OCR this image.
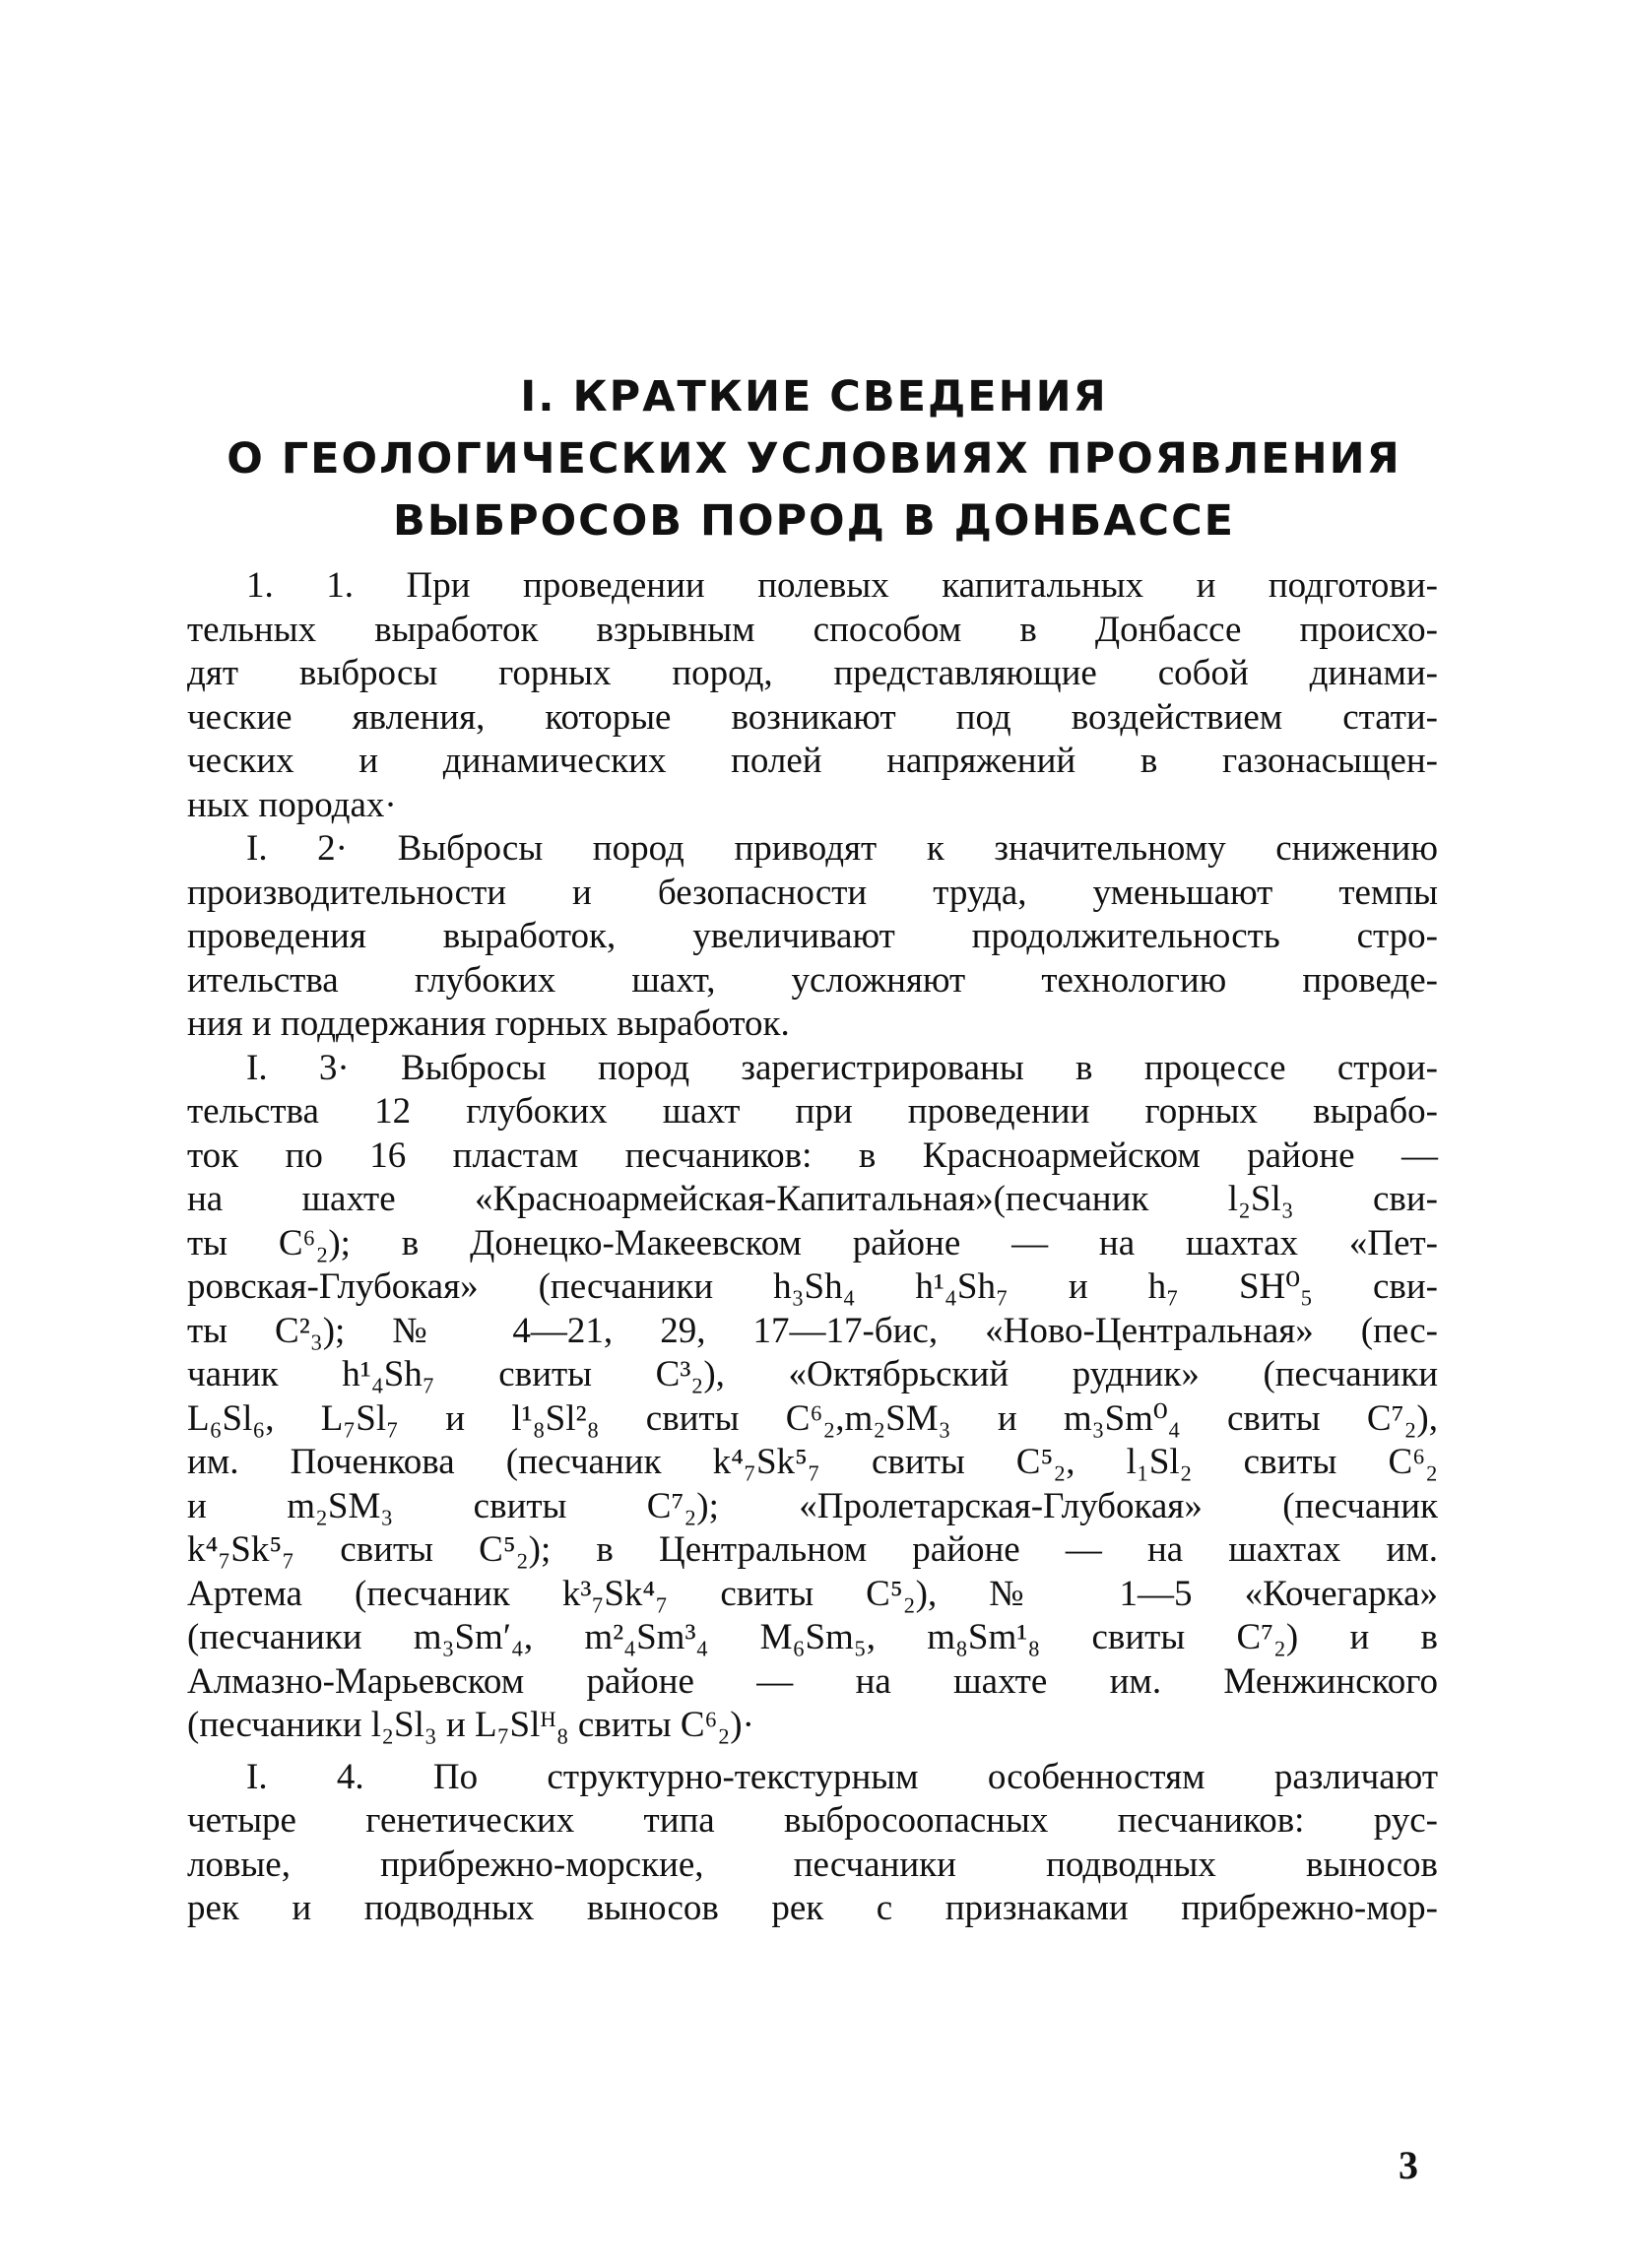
I. КРАТКИЕ СВЕДЕНИЯ
О ГЕОЛОГИЧЕСКИХ УСЛОВИЯХ ПРОЯВЛЕНИЯ
ВЫБРОСОВ ПОРОД В ДОНБАССЕ
1. 1. При проведении полевых капитальных и подготови-
тельных выработок взрывным способом в Донбассе происхо-
дят выбросы горных пород, представляющие собой динами-
ческие явления, которые возникают под воздействием стати-
ческих и динамических полей напряжений в газонасыщен-
ных породах·
I. 2· Выбросы пород приводят к значительному снижению
производительности и безопасности труда, уменьшают темпы
проведения выработок, увеличивают продолжительность стро-
ительства глубоких шахт, усложняют технологию проведе-
ния и поддержания горных выработок.
I. 3· Выбросы пород зарегистрированы в процессе строи-
тельства 12 глубоких шахт при проведении горных вырабо-
ток по 16 пластам песчаников: в Красноармейском районе —
на шахте «Красноармейская-Капитальная»(песчаник l₂Sl₃ сви-
ты C⁶₂); в Донецко-Макеевском районе — на шахтах «Пет-
ровская-Глубокая» (песчаники h₃Sh₄ h¹₄Sh₇ и h₇ SH⁰₅ сви-
ты C²₃); № 4—21, 29, 17—17-бис, «Ново-Центральная» (пес-
чаник h¹₄Sh₇ свиты C³₂), «Октябрьский рудник» (песчаники
L₆Sl₆, L₇Sl₇ и l¹₈Sl²₈ свиты C⁶₂,m₂SM₃ и m₃Sm⁰₄ свиты C⁷₂),
им. Поченкова (песчаник k⁴₇Sk⁵₇ свиты C⁵₂, l₁Sl₂ свиты C⁶₂
и m₂SM₃ свиты C⁷₂); «Пролетарская-Глубокая» (песчаник
k⁴₇Sk⁵₇ свиты C⁵₂); в Центральном районе — на шахтах им.
Артема (песчаник k³₇Sk⁴₇ свиты C⁵₂), № 1—5 «Кочегарка»
(песчаники m₃Sm′₄, m²₄Sm³₄ M₆Sm₅, m₈Sm¹₈ свиты C⁷₂) и в
Алмазно-Марьевском районе — на шахте им. Менжинского
(песчаники l₂Sl₃ и L₇Slᴴ₈ свиты C⁶₂)·
I. 4. По структурно-текстурным особенностям различают
четыре генетических типа выбросоопасных песчаников: рус-
ловые, прибрежно-морские, песчаники подводных выносов
рек и подводных выносов рек с признаками прибрежно-мор-
3
